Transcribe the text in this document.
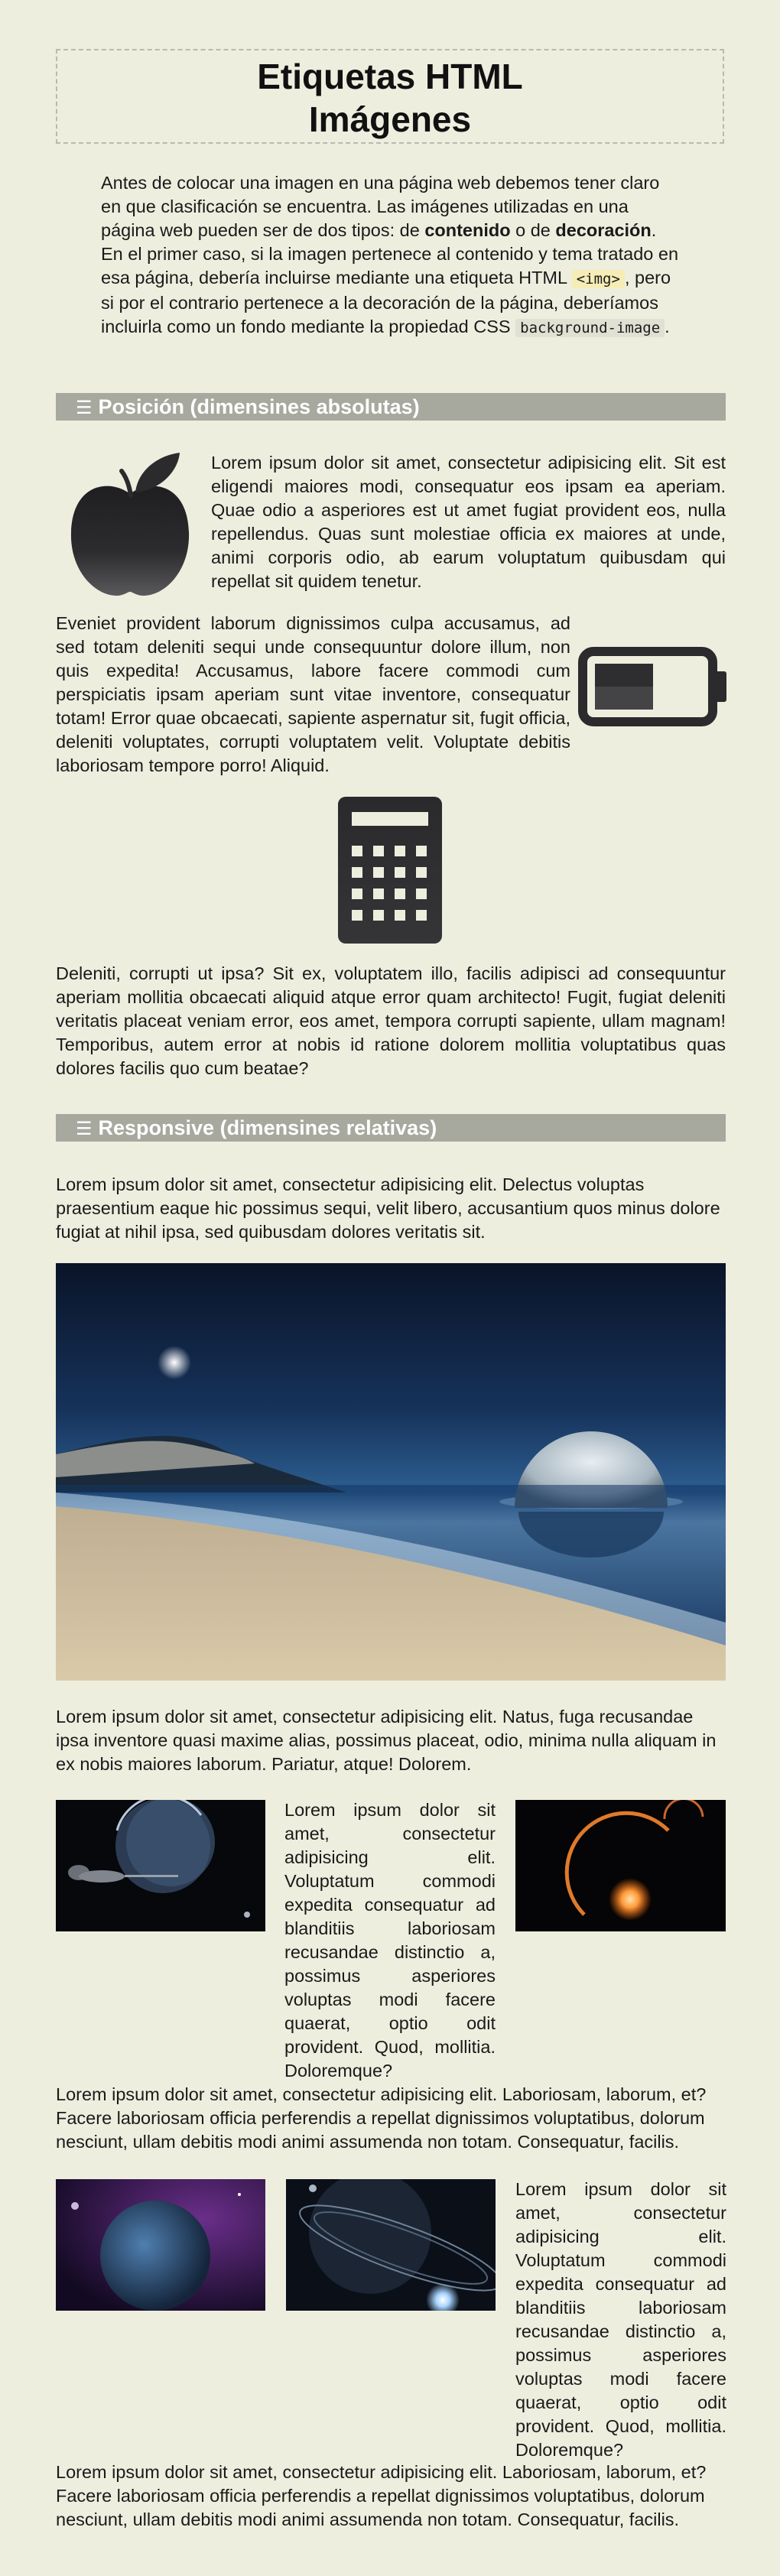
Etiquetas HTML
Imágenes
Antes de colocar una imagen en una página web debemos tener claro en que clasificación se encuentra. Las imágenes utilizadas en una página web pueden ser de dos tipos: de contenido o de decoración. En el primer caso, si la imagen pertenece al contenido y tema tratado en esa página, debería incluirse mediante una etiqueta HTML <img> , pero si por el contrario pertenece a la decoración de la página, deberíamos incluirla como un fondo mediante la propiedad CSS background-image .
☰ Posición (dimensines absolutas)
Lorem ipsum dolor sit amet, consectetur adipisicing elit. Sit est eligendi maiores modi, consequatur eos ipsam ea aperiam. Quae odio a asperiores est ut amet fugiat provident eos, nulla repellendus. Quas sunt molestiae officia ex maiores at unde, animi corporis odio, ab earum voluptatum quibusdam qui repellat sit quidem tenetur.
Eveniet provident laborum dignissimos culpa accusamus, ad sed totam deleniti sequi unde consequuntur dolore illum, non quis expedita! Accusamus, labore facere commodi cum perspiciatis ipsam aperiam sunt vitae inventore, consequatur totam! Error quae obcaecati, sapiente aspernatur sit, fugit officia, deleniti voluptates, corrupti voluptatem velit. Voluptate debitis laboriosam tempore porro! Aliquid.
Deleniti, corrupti ut ipsa? Sit ex, voluptatem illo, facilis adipisci ad consequuntur aperiam mollitia obcaecati aliquid atque error quam architecto! Fugit, fugiat deleniti veritatis placeat veniam error, eos amet, tempora corrupti sapiente, ullam magnam! Temporibus, autem error at nobis id ratione dolorem mollitia voluptatibus quas dolores facilis quo cum beatae?
☰ Responsive (dimensines relativas)
Lorem ipsum dolor sit amet, consectetur adipisicing elit. Delectus voluptas praesentium eaque hic possimus sequi, velit libero, accusantium quos minus dolore fugiat at nihil ipsa, sed quibusdam dolores veritatis sit.
Lorem ipsum dolor sit amet, consectetur adipisicing elit. Natus, fuga recusandae ipsa inventore quasi maxime alias, possimus placeat, odio, minima nulla aliquam in ex nobis maiores laborum. Pariatur, atque! Dolorem.
Lorem ipsum dolor sit amet, consectetur adipisicing elit. Voluptatum commodi expedita consequatur ad blanditiis laboriosam recusandae distinctio a, possimus asperiores voluptas modi facere quaerat, optio odit provident. Quod, mollitia. Doloremque?
Lorem ipsum dolor sit amet, consectetur adipisicing elit. Laboriosam, laborum, et? Facere laboriosam officia perferendis a repellat dignissimos voluptatibus, dolorum nesciunt, ullam debitis modi animi assumenda non totam. Consequatur, facilis.
Lorem ipsum dolor sit amet, consectetur adipisicing elit. Voluptatum commodi expedita consequatur ad blanditiis laboriosam recusandae distinctio a, possimus asperiores voluptas modi facere quaerat, optio odit provident. Quod, mollitia. Doloremque?
Lorem ipsum dolor sit amet, consectetur adipisicing elit. Laboriosam, laborum, et? Facere laboriosam officia perferendis a repellat dignissimos voluptatibus, dolorum nesciunt, ullam debitis modi animi assumenda non totam. Consequatur, facilis.
